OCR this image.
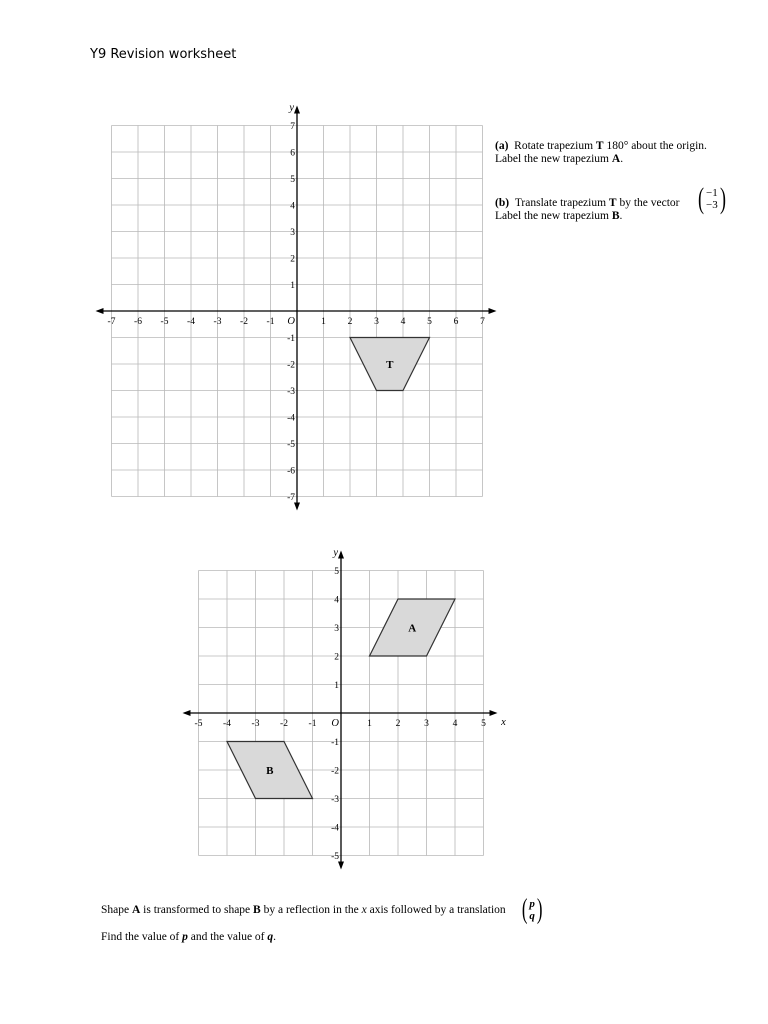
Y9 Revision worksheet
-7 -6 -5 -4 -3 -2 -1	1 2 3 4 5 6 7
7
6
5
4
3
2
1
-1
-2
-3
-4
-5
-6
-7
O
y
T
-5 -4 -3 -2 -1	1	2	3	4	5
5
4
3
2
1
-1
-2
-3
-4
-5
O
y
x
A
B
(a) Rotate trapezium T 180° about the origin.
Label the new trapezium A.
(b) Translate trapezium T by the vector
Label the new trapezium B.
( −1
−3 )
Shape A is transformed to shape B by a reflection in the x axis followed by a translation ( p
q )
Find the value of p and the value of q.
